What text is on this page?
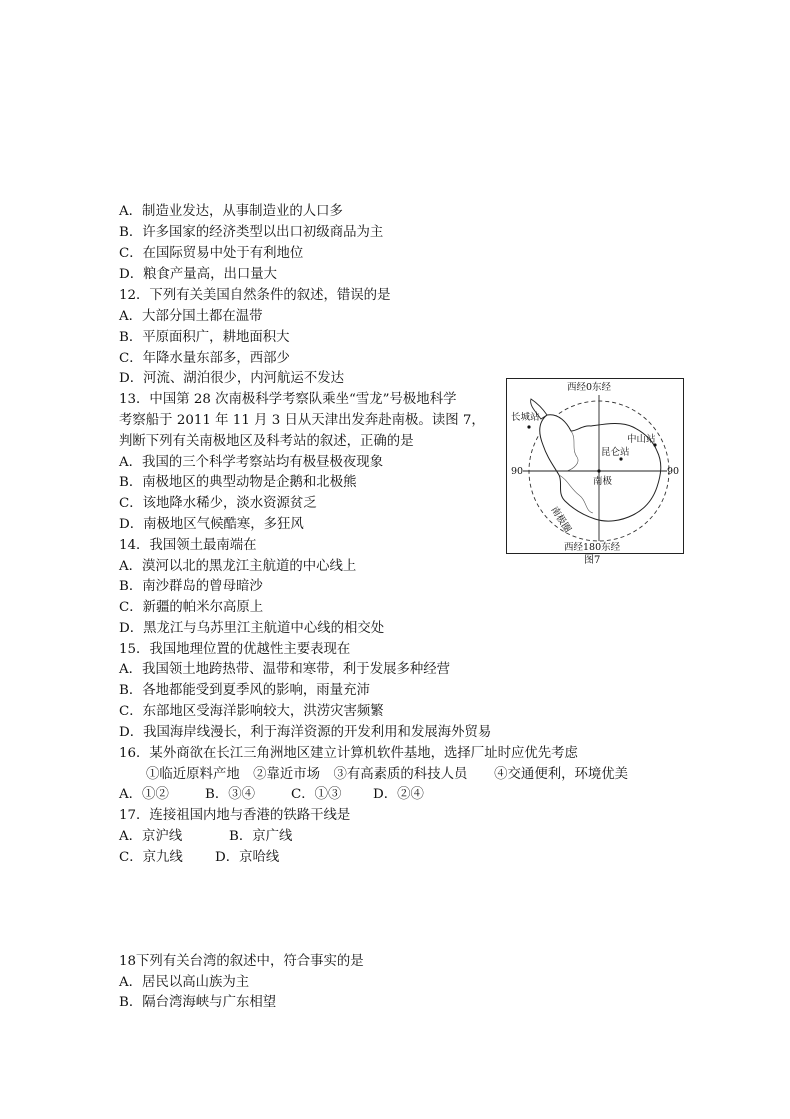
A．制造业发达，从事制造业的人口多
B．许多国家的经济类型以出口初级商品为主
C．在国际贸易中处于有利地位
D．粮食产量高，出口量大
12．下列有关美国自然条件的叙述，错误的是
A．大部分国土都在温带
B．平原面积广，耕地面积大
C．年降水量东部多，西部少
D．河流、湖泊很少，内河航运不发达
13．中国第 28 次南极科学考察队乘坐“雪龙”号极地科学
考察船于 2011 年 11 月 3 日从天津出发奔赴南极。读图 7，
判断下列有关南极地区及科考站的叙述，正确的是
A．我国的三个科学考察站均有极昼极夜现象
B．南极地区的典型动物是企鹅和北极熊
C．该地降水稀少，淡水资源贫乏
D．南极地区气候酷寒，多狂风
西经0东经
西经180东经
90	90
长城站
中山站
昆仑站
南极
南极圈
图7
14．我国领土最南端在
A．漠河以北的黑龙江主航道的中心线上
B．南沙群岛的曾母暗沙
C．新疆的帕米尔高原上
D．黑龙江与乌苏里江主航道中心线的相交处
15．我国地理位置的优越性主要表现在
A．我国领土地跨热带、温带和寒带，利于发展多种经营
B．各地都能受到夏季风的影响，雨量充沛
C．东部地区受海洋影响较大，洪涝灾害频繁
D．我国海岸线漫长，利于海洋资源的开发利用和发展海外贸易
16．某外商欲在长江三角洲地区建立计算机软件基地，选择厂址时应优先考虑
①临近原料产地　②靠近市场　③有高素质的科技人员　　④交通便利，环境优美
A．①②	B．③④	C．①③ D．②④
17．连接祖国内地与香港的铁路干线是
A．京沪线	B．京广线
C．京九线 D．京哈线
18下列有关台湾的叙述中，符合事实的是
A．居民以高山族为主
B．隔台湾海峡与广东相望
